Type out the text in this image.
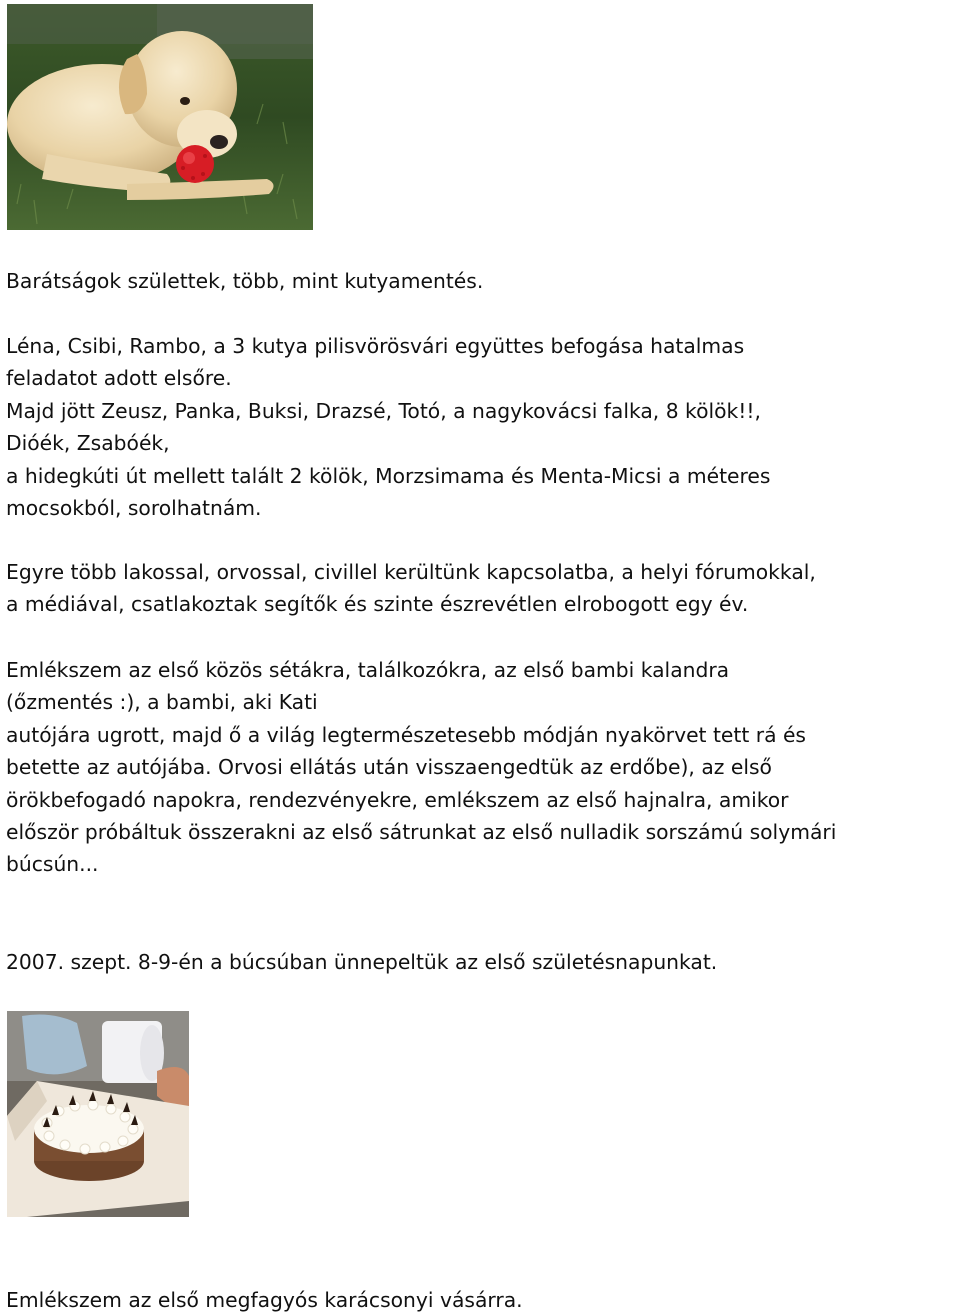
Barátságok születtek, több, mint kutyamentés.

Léna, Csibi, Rambo, a 3 kutya pilisvörösvári együttes befogása hatalmas
feladatot adott elsőre.
Majd jött Zeusz, Panka, Buksi, Drazsé, Totó, a nagykovácsi falka, 8 kölök!!,
Dióék, Zsabóék,
a hidegkúti út mellett talált 2 kölök, Morzsimama és Menta-Micsi a méteres
mocsokból, sorolhatnám.

Egyre több lakossal, orvossal, civillel kerültünk kapcsolatba, a helyi fórumokkal,
a médiával, csatlakoztak segítők és szinte észrevétlen elrobogott egy év.

Emlékszem az első közös sétákra, találkozókra, az első bambi kalandra
(őzmentés :), a bambi, aki Kati
autójára ugrott, majd ő a világ legtermészetesebb módján nyakörvet tett rá és
betette az autójába. Orvosi ellátás után visszaengedtük az erdőbe), az első
örökbefogadó napokra, rendezvényekre, emlékszem az első hajnalra, amikor
először próbáltuk összerakni az első sátrunkat az első nulladik sorszámú solymári
búcsún...

2007. szept. 8-9-én a búcsúban ünnepeltük az első születésnapunkat.

Emlékszem az első megfagyós karácsonyi vásárra.
